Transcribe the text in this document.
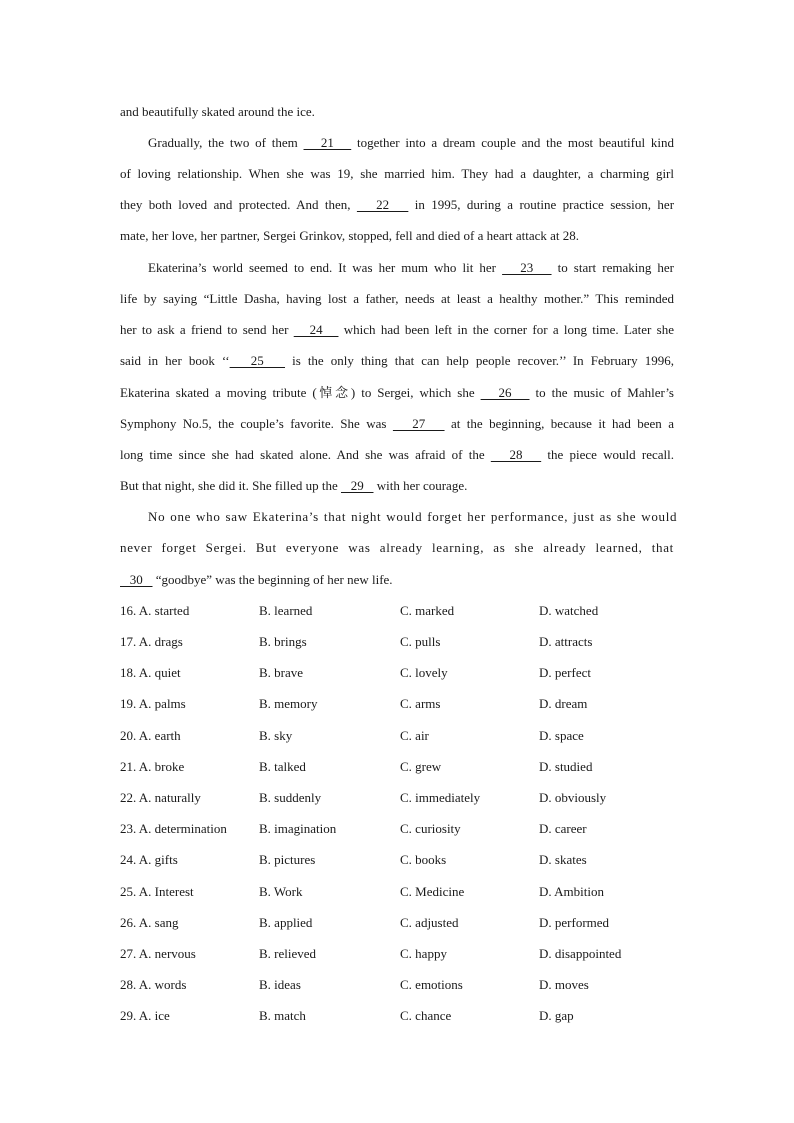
and beautifully skated around the ice.
Gradually, the two of them    21    together into a dream couple and the most beautiful kind
of loving relationship. When she was 19, she married him. They had a daughter, a charming girl
they both loved and protected. And then,    22    in 1995, during a routine practice session, her
mate, her love, her partner, Sergei Grinkov, stopped, fell and died of a heart attack at 28.
Ekaterina’s world seemed to end. It was her mum who lit her    23    to start remaking her
life by saying “Little Dasha, having lost a father, needs at least a healthy mother.” This reminded
her to ask a friend to send her    24    which had been left in the corner for a long time. Later she
said in her book ‘‘   25    is the only thing that can help people recover.’’ In February 1996,
Ekaterina skated a moving tribute (悼念) to Sergei, which she    26    to the music of Mahler’s
Symphony No.5, the couple’s favorite. She was    27    at the beginning, because it had been a
long time since she had skated alone. And she was afraid of the    28    the piece would recall.
But that night, she did it. She filled up the    29    with her courage.
No one who saw Ekaterina’s that night would forget her performance, just as she would
never forget Sergei. But everyone was already learning, as she already learned, that
30    “goodbye” was the beginning of her new life.
16. A. started	B. learned	C. marked	D. watched
17. A. drags	B. brings	C. pulls	D. attracts
18. A. quiet	B. brave	C. lovely	D. perfect
19. A. palms	B. memory	C. arms	D. dream
20. A. earth	B. sky	C. air	D. space
21. A. broke	B. talked	C. grew	D. studied
22. A. naturally	B. suddenly	C. immediately	D. obviously
23. A. determination B. imagination	C. curiosity	D. career
24. A. gifts	B. pictures	C. books	D. skates
25. A. Interest	B. Work	C. Medicine	D. Ambition
26. A. sang	B. applied	C. adjusted	D. performed
27. A. nervous	B. relieved	C. happy	D. disappointed
28. A. words	B. ideas	C. emotions	D. moves
29. A. ice	B. match	C. chance	D. gap
